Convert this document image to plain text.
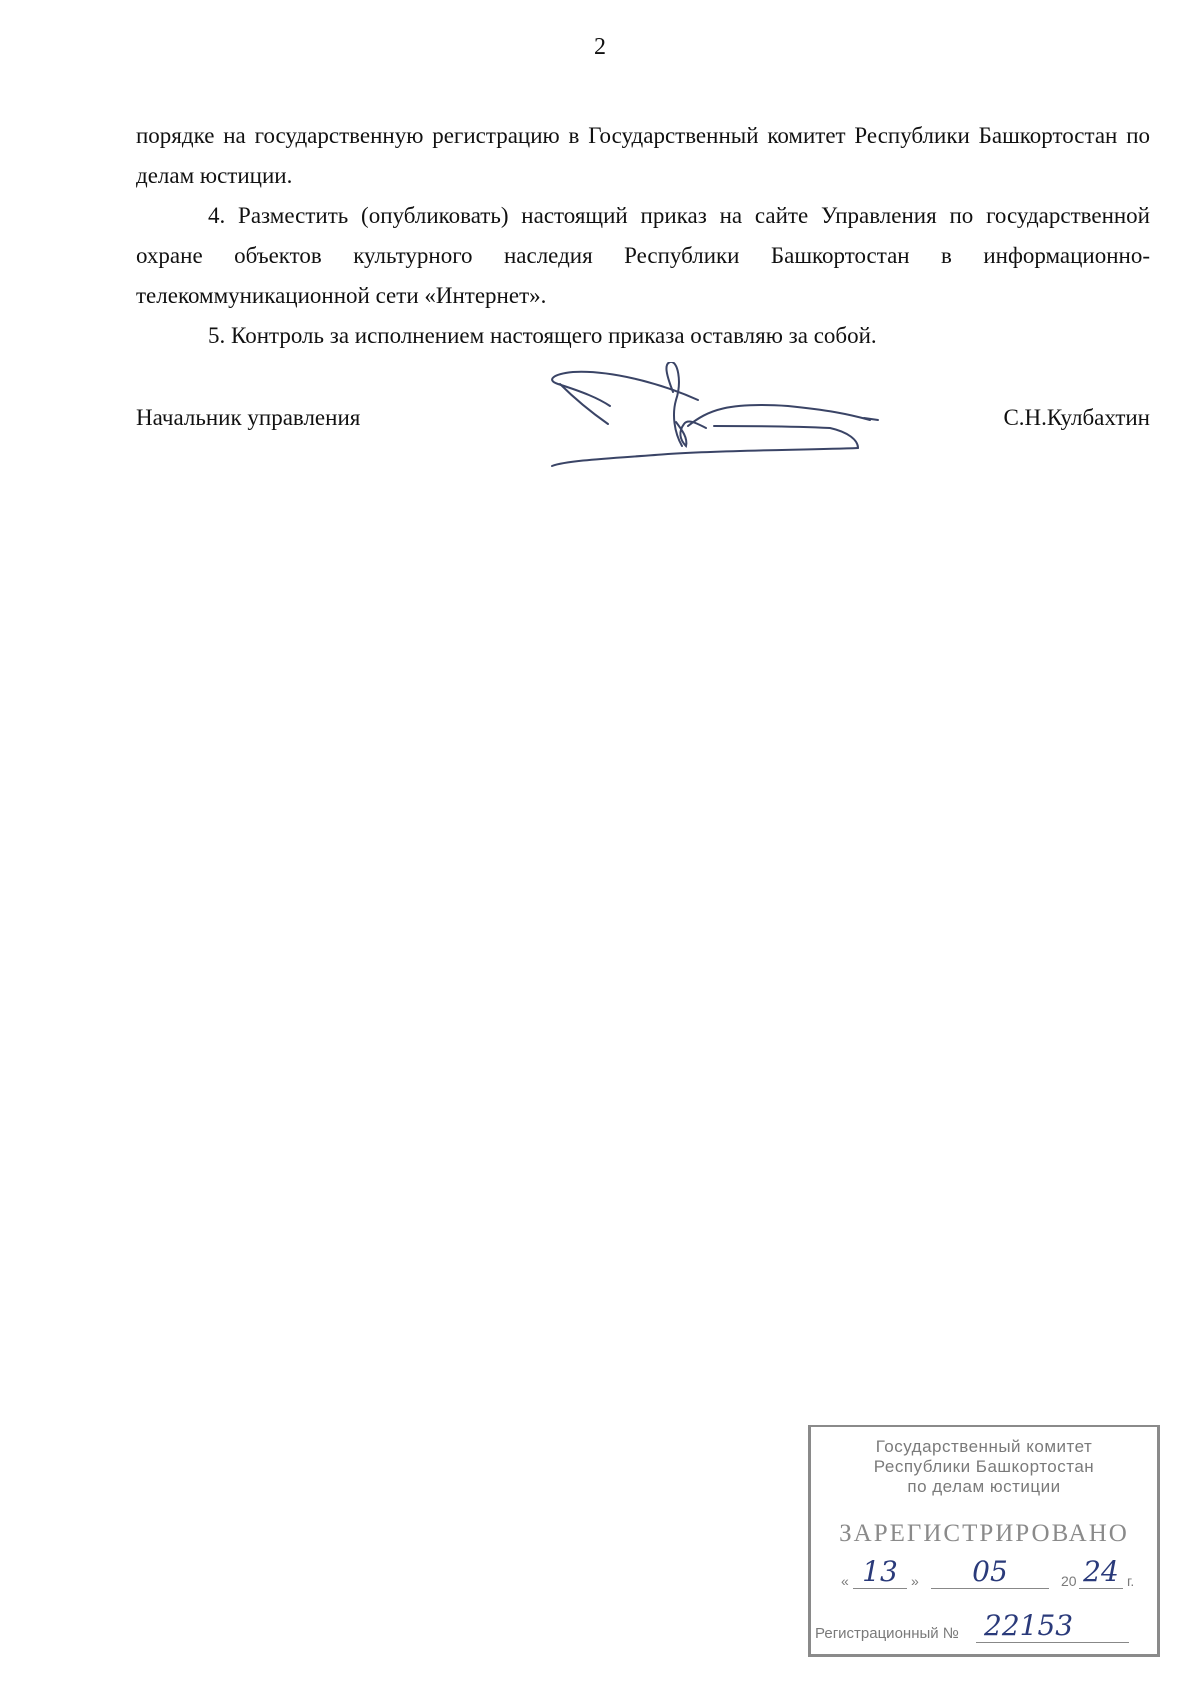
2

порядке на государственную регистрацию в Государственный комитет Республики Башкортостан по делам юстиции.

4. Разместить (опубликовать) настоящий приказ на сайте Управления по государственной охране объектов культурного наследия Республики Башкортостан в информационно-телекоммуникационной сети «Интернет».

5. Контроль за исполнением настоящего приказа оставляю за собой.

Начальник управления	С.Н.Кулбахтин
Государственный комитет
Республики Башкортостан
по делам юстиции
ЗАРЕГИСТРИРОВАНО
« 13 »	05	20 24 г.
Регистрационный № 22153
